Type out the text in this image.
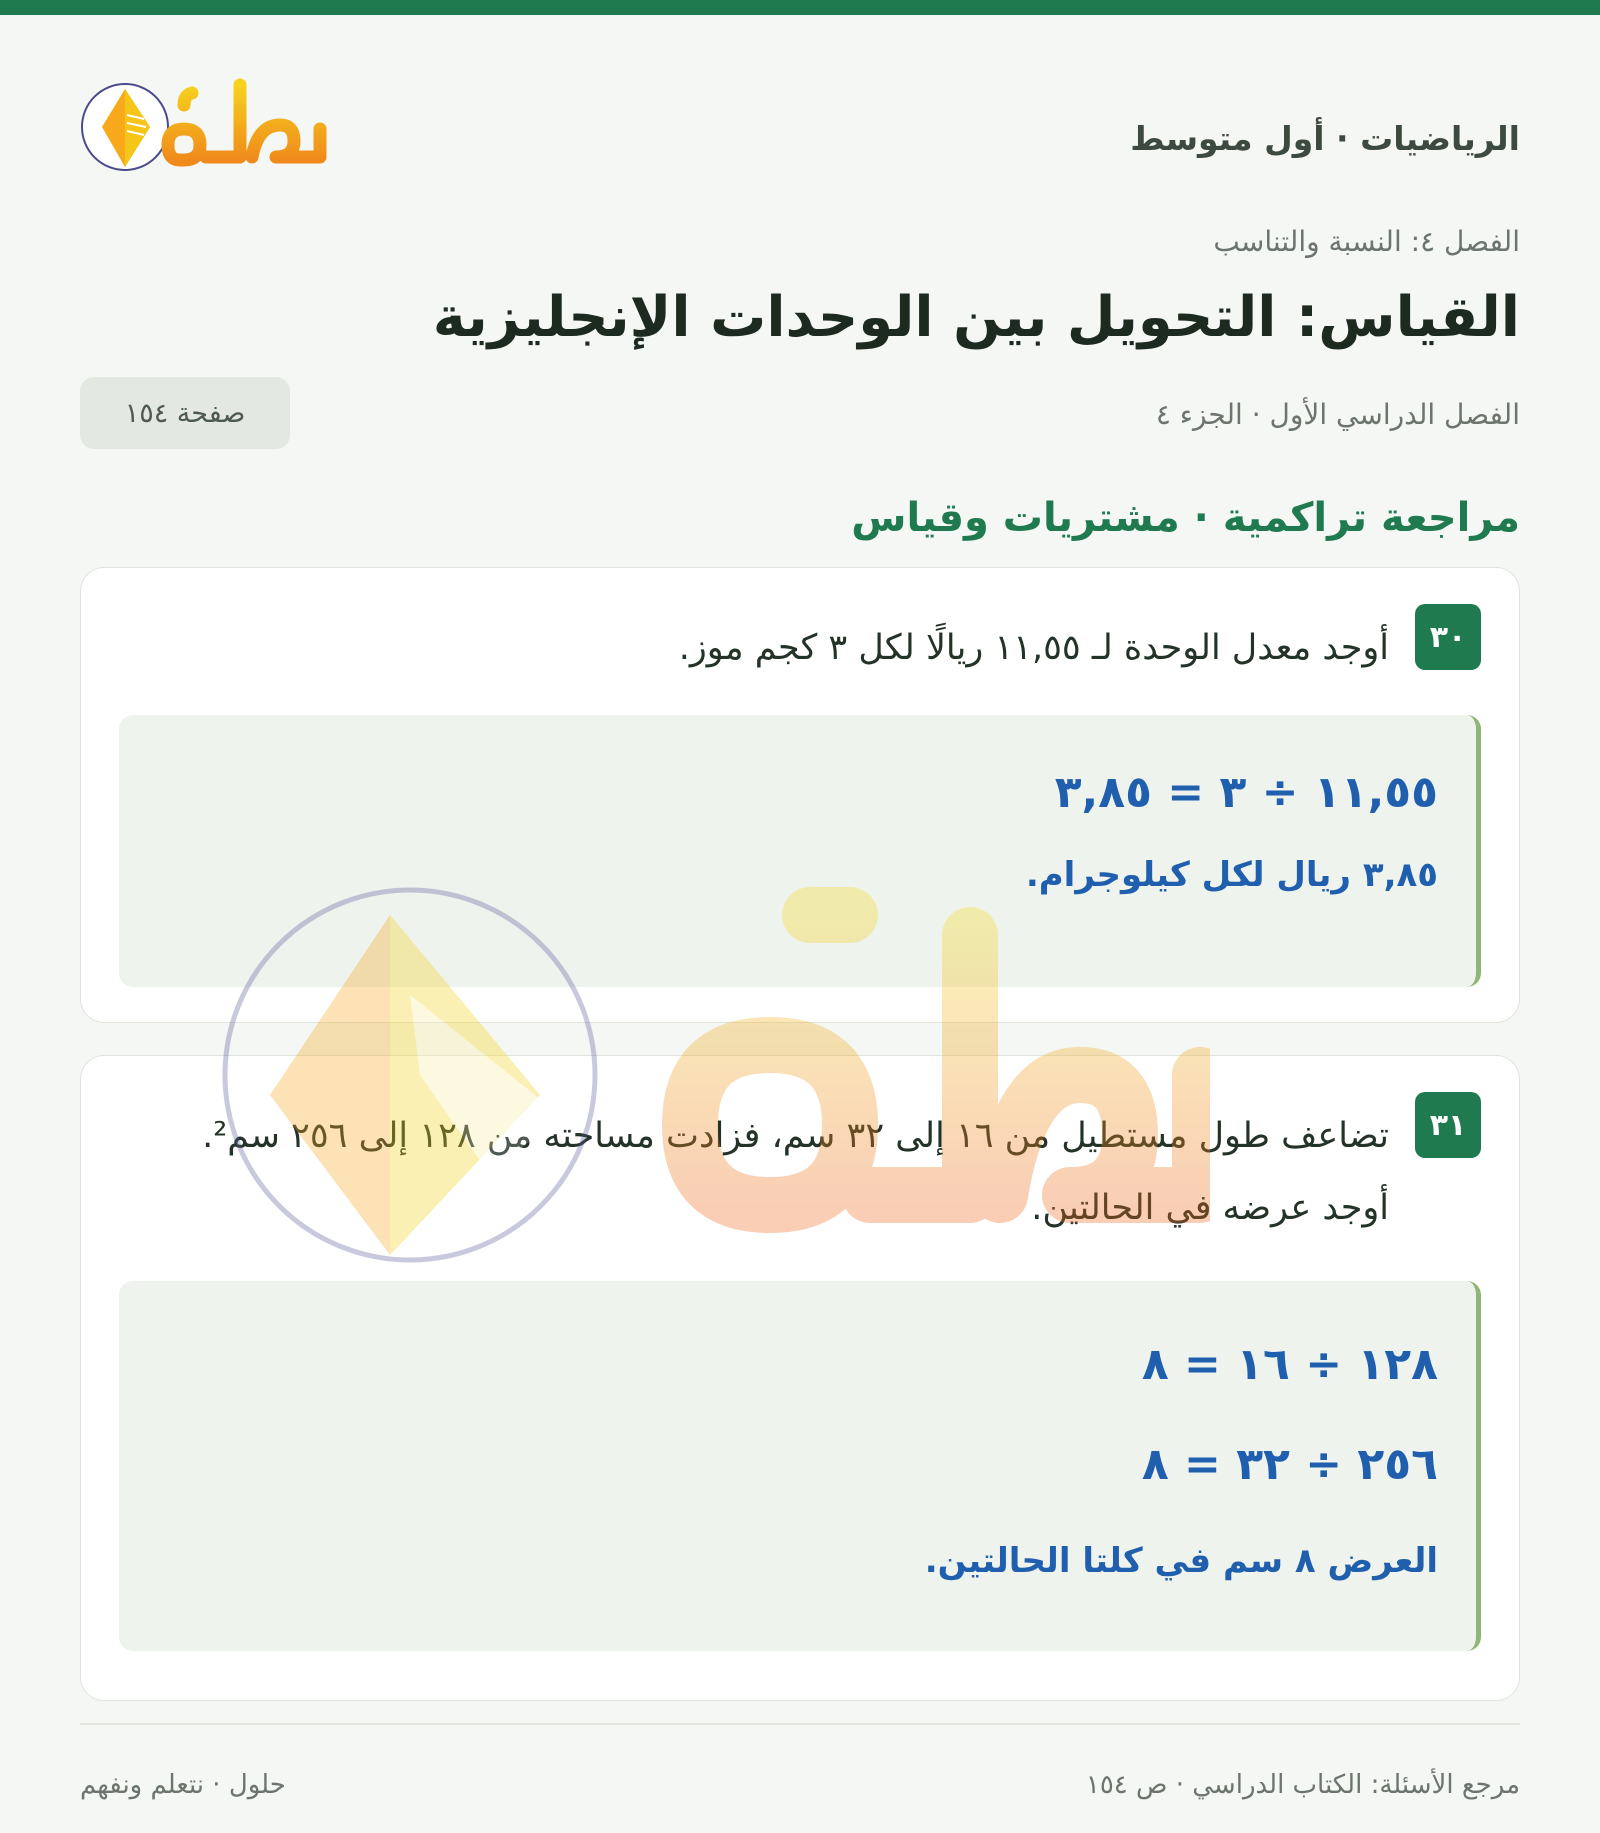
الرياضيات · أول متوسط
الفصل ٤: النسبة والتناسب
القياس: التحويل بين الوحدات الإنجليزية
الفصل الدراسي الأول · الجزء ٤
صفحة ١٥٤
مراجعة تراكمية · مشتريات وقياس
٣٠
أوجد معدل الوحدة لـ ١١,٥٥ ريالًا لكل ٣ كجم موز.
١١,٥٥ ÷ ٣ = ٣,٨٥
٣,٨٥ ريال لكل كيلوجرام.
٣١
تضاعف طول مستطيل من ١٦ إلى ٣٢ سم، فزادت مساحته من ١٢٨ إلى ٢٥٦ سم². أوجد عرضه في الحالتين.
١٢٨ ÷ ١٦ = ٨
٢٥٦ ÷ ٣٢ = ٨
العرض ٨ سم في كلتا الحالتين.
مرجع الأسئلة: الكتاب الدراسي · ص ١٥٤
حلول · نتعلم ونفهم
